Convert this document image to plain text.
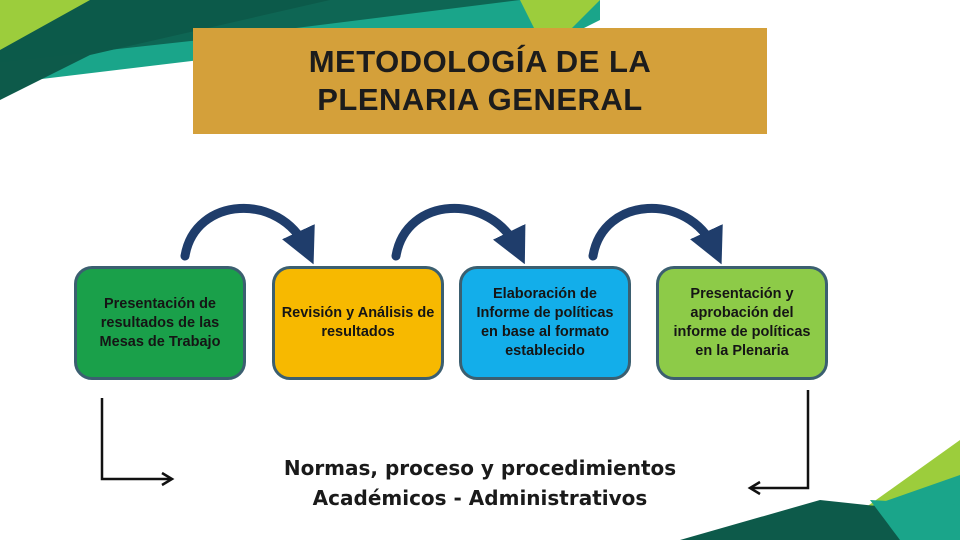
METODOLOGÍA DE LA
PLENARIA GENERAL
Presentación de resultados de las Mesas de Trabajo
Revisión y Análisis de resultados
Elaboración de Informe de políticas en base al formato establecido
Presentación y aprobación del informe de políticas en la Plenaria
Normas, proceso y procedimientos
Académicos - Administrativos
